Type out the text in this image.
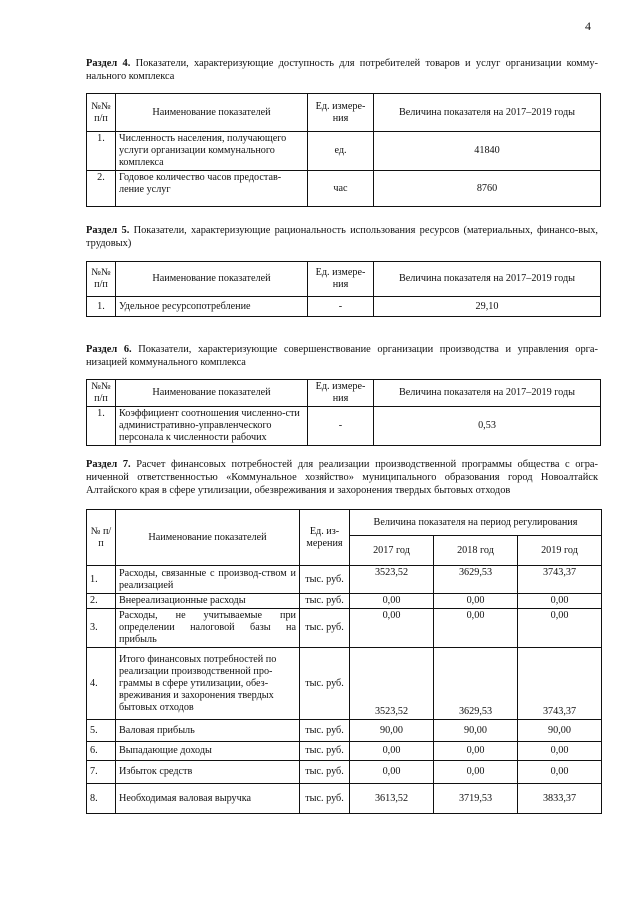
4
Раздел 4. Показатели, характеризующие доступность для потребителей товаров и услуг организации комму-нального комплекса
№№ п/п	Наименование показателей	Ед. измере-ния	Величина показателя на 2017–2019 годы
1.	Численность населения, получающего услуги организации коммунального комплекса	ед.	41840
2.	Годовое количество часов предостав-ление услуг	час	8760
Раздел 5. Показатели, характеризующие рациональность использования ресурсов (материальных, финансо-вых, трудовых)
№№ п/п	Наименование показателей	Ед. измере-ния	Величина показателя на 2017–2019 годы
1.	Удельное ресурсопотребление	-	29,10
Раздел 6. Показатели, характеризующие совершенствование организации производства и управления орга-низацией коммунального комплекса
№№ п/п	Наименование показателей	Ед. измере-ния	Величина показателя на 2017–2019 годы
1.	Коэффициент соотношения численно-сти административно-управленческого персонала к численности рабочих	-	0,53
Раздел 7. Расчет финансовых потребностей для реализации производственной программы общества с огра-ниченной ответственностью «Коммунальное хозяйство» муниципального образования город Новоалтайск Алтайского края в сфере утилизации, обезвреживания и захоронения твердых бытовых отходов
№ п/п	Наименование показателей	Ед. из-мерения	Величина показателя на период регулирования		
			2017 год	2018 год	2019 год
1.	Расходы, связанные с производ-ством и реализацией	тыс. руб.	3523,52	3629,53	3743,37
2.	Внереализационные расходы	тыс. руб.	0,00	0,00	0,00
3.	Расходы, не учитываемые при определении налоговой базы на прибыль	тыс. руб.	0,00	0,00	0,00
4.	Итого финансовых потребностей по реализации производственной про-граммы в сфере утилизации, обез-вреживания и захоронения твердых бытовых отходов	тыс. руб.	3523,52	3629,53	3743,37
5.	Валовая прибыль	тыс. руб.	90,00	90,00	90,00
6.	Выпадающие доходы	тыс. руб.	0,00	0,00	0,00
7.	Избыток средств	тыс. руб.	0,00	0,00	0,00
8.	Необходимая валовая выручка	тыс. руб.	3613,52	3719,53	3833,37
